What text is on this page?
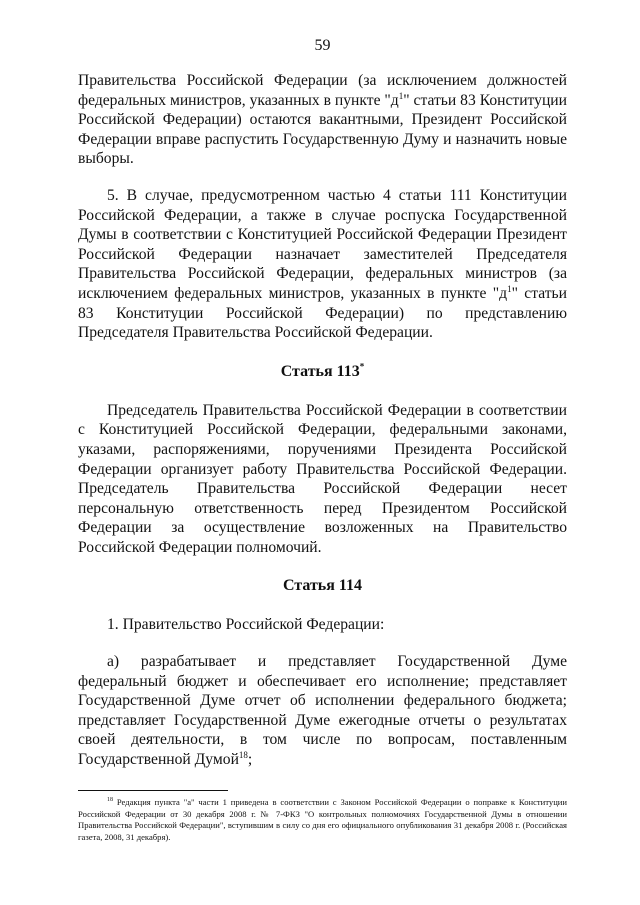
59

Правительства Российской Федерации (за исключением должностей федеральных министров, указанных в пункте "$д^1$" статьи 83 Конституции Российской Федерации) остаются вакантными, Президент Российской Федерации вправе распустить Государственную Думу и назначить новые выборы.

5. В случае, предусмотренном частью 4 статьи 111 Конституции Российской Федерации, а также в случае роспуска Государственной Думы в соответствии с Конституцией Российской Федерации Президент Российской Федерации назначает заместителей Председателя Правительства Российской Федерации, федеральных министров (за исключением федеральных министров, указанных в пункте "$д^1$" статьи 83 Конституции Российской Федерации) по представлению Председателя Правительства Российской Федерации.

Статья 113*

Председатель Правительства Российской Федерации в соответствии с Конституцией Российской Федерации, федеральными законами, указами, распоряжениями, поручениями Президента Российской Федерации организует работу Правительства Российской Федерации. Председатель Правительства Российской Федерации несет персональную ответственность перед Президентом Российской Федерации за осуществление возложенных на Правительство Российской Федерации полномочий.

Статья 114

1. Правительство Российской Федерации:

а) разрабатывает и представляет Государственной Думе федеральный бюджет и обеспечивает его исполнение; представляет Государственной Думе отчет об исполнении федерального бюджета; представляет Государственной Думе ежегодные отчеты о результатах своей деятельности, в том числе по вопросам, поставленным Государственной Думой$^{18}$;

$^{18}$ Редакция пункта "а" части 1 приведена в соответствии с Законом Российской Федерации о поправке к Конституции Российской Федерации от 30 декабря 2008 г. № 7-ФКЗ "О контрольных полномочиях Государственной Думы в отношении Правительства Российской Федерации", вступившим в силу со дня его официального опубликования 31 декабря 2008 г. (Российская газета, 2008, 31 декабря).
